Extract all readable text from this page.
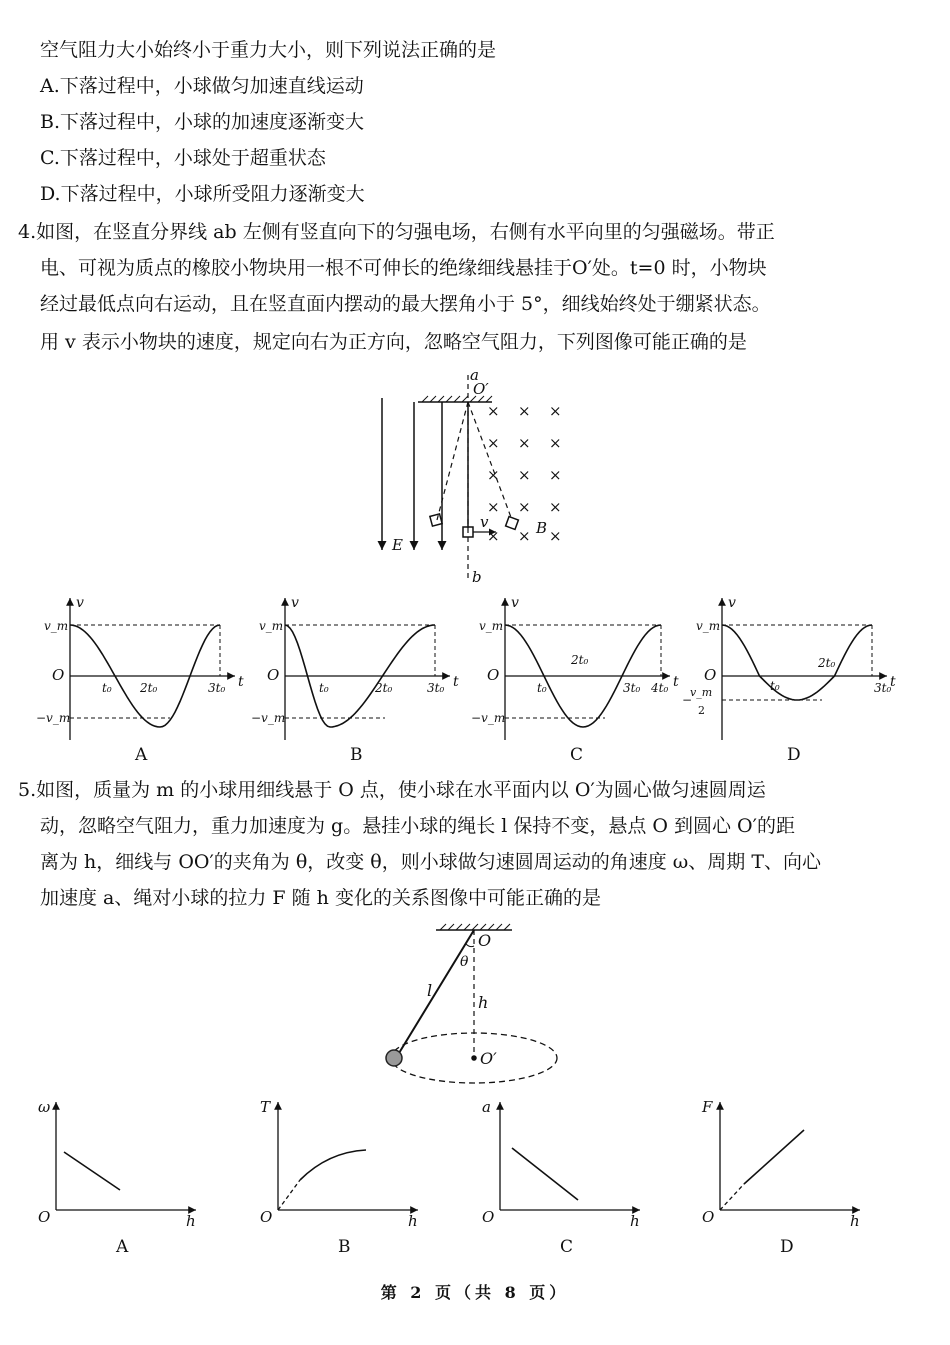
空气阻力大小始终小于重力大小，则下列说法正确的是
A.下落过程中，小球做匀加速直线运动
B.下落过程中，小球的加速度逐渐变大
C.下落过程中，小球处于超重状态
D.下落过程中，小球所受阻力逐渐变大
4.如图，在竖直分界线 ab 左侧有竖直向下的匀强电场，右侧有水平向里的匀强磁场。带正
电、可视为质点的橡胶小物块用一根不可伸长的绝缘细线悬挂于O′处。t=0 时，小物块
经过最低点向右运动，且在竖直面内摆动的最大摆角小于 5°，细线始终处于绷紧状态。
用 v 表示小物块的速度，规定向右为正方向，忽略空气阻力，下列图像可能正确的是
5.如图，质量为 m 的小球用细线悬于 O 点，使小球在水平面内以 O′为圆心做匀速圆周运
动，忽略空气阻力，重力加速度为 g。悬挂小球的绳长 l 保持不变，悬点 O 到圆心 O′的距
离为 h，细线与 OO′的夹角为 θ，改变 θ，则小球做匀速圆周运动的角速度 ω、周期 T、向心
加速度 a、绳对小球的拉力 F 随 h 变化的关系图像中可能正确的是
× × ×
× × ×
× × ×
× × ×
× × ×
a
O′
E
B
v
b
v
t
O
v_m
−v_m
t₀ 2t₀	3t₀
A
v
t
O
v_m
−v_m
t₀	2t₀	3t₀
B
v
t
O
v_m
−v_m
t₀
2t₀
3t₀ 4t₀
C
v
t
O
v_m
v_m
2
−
t₀
2t₀
3t₀
D
O
θ
l
h
O′
ω
h
O
A
T
h
O
B
a
h
O
C
F
h
O
D
第 2 页（共 8 页）
